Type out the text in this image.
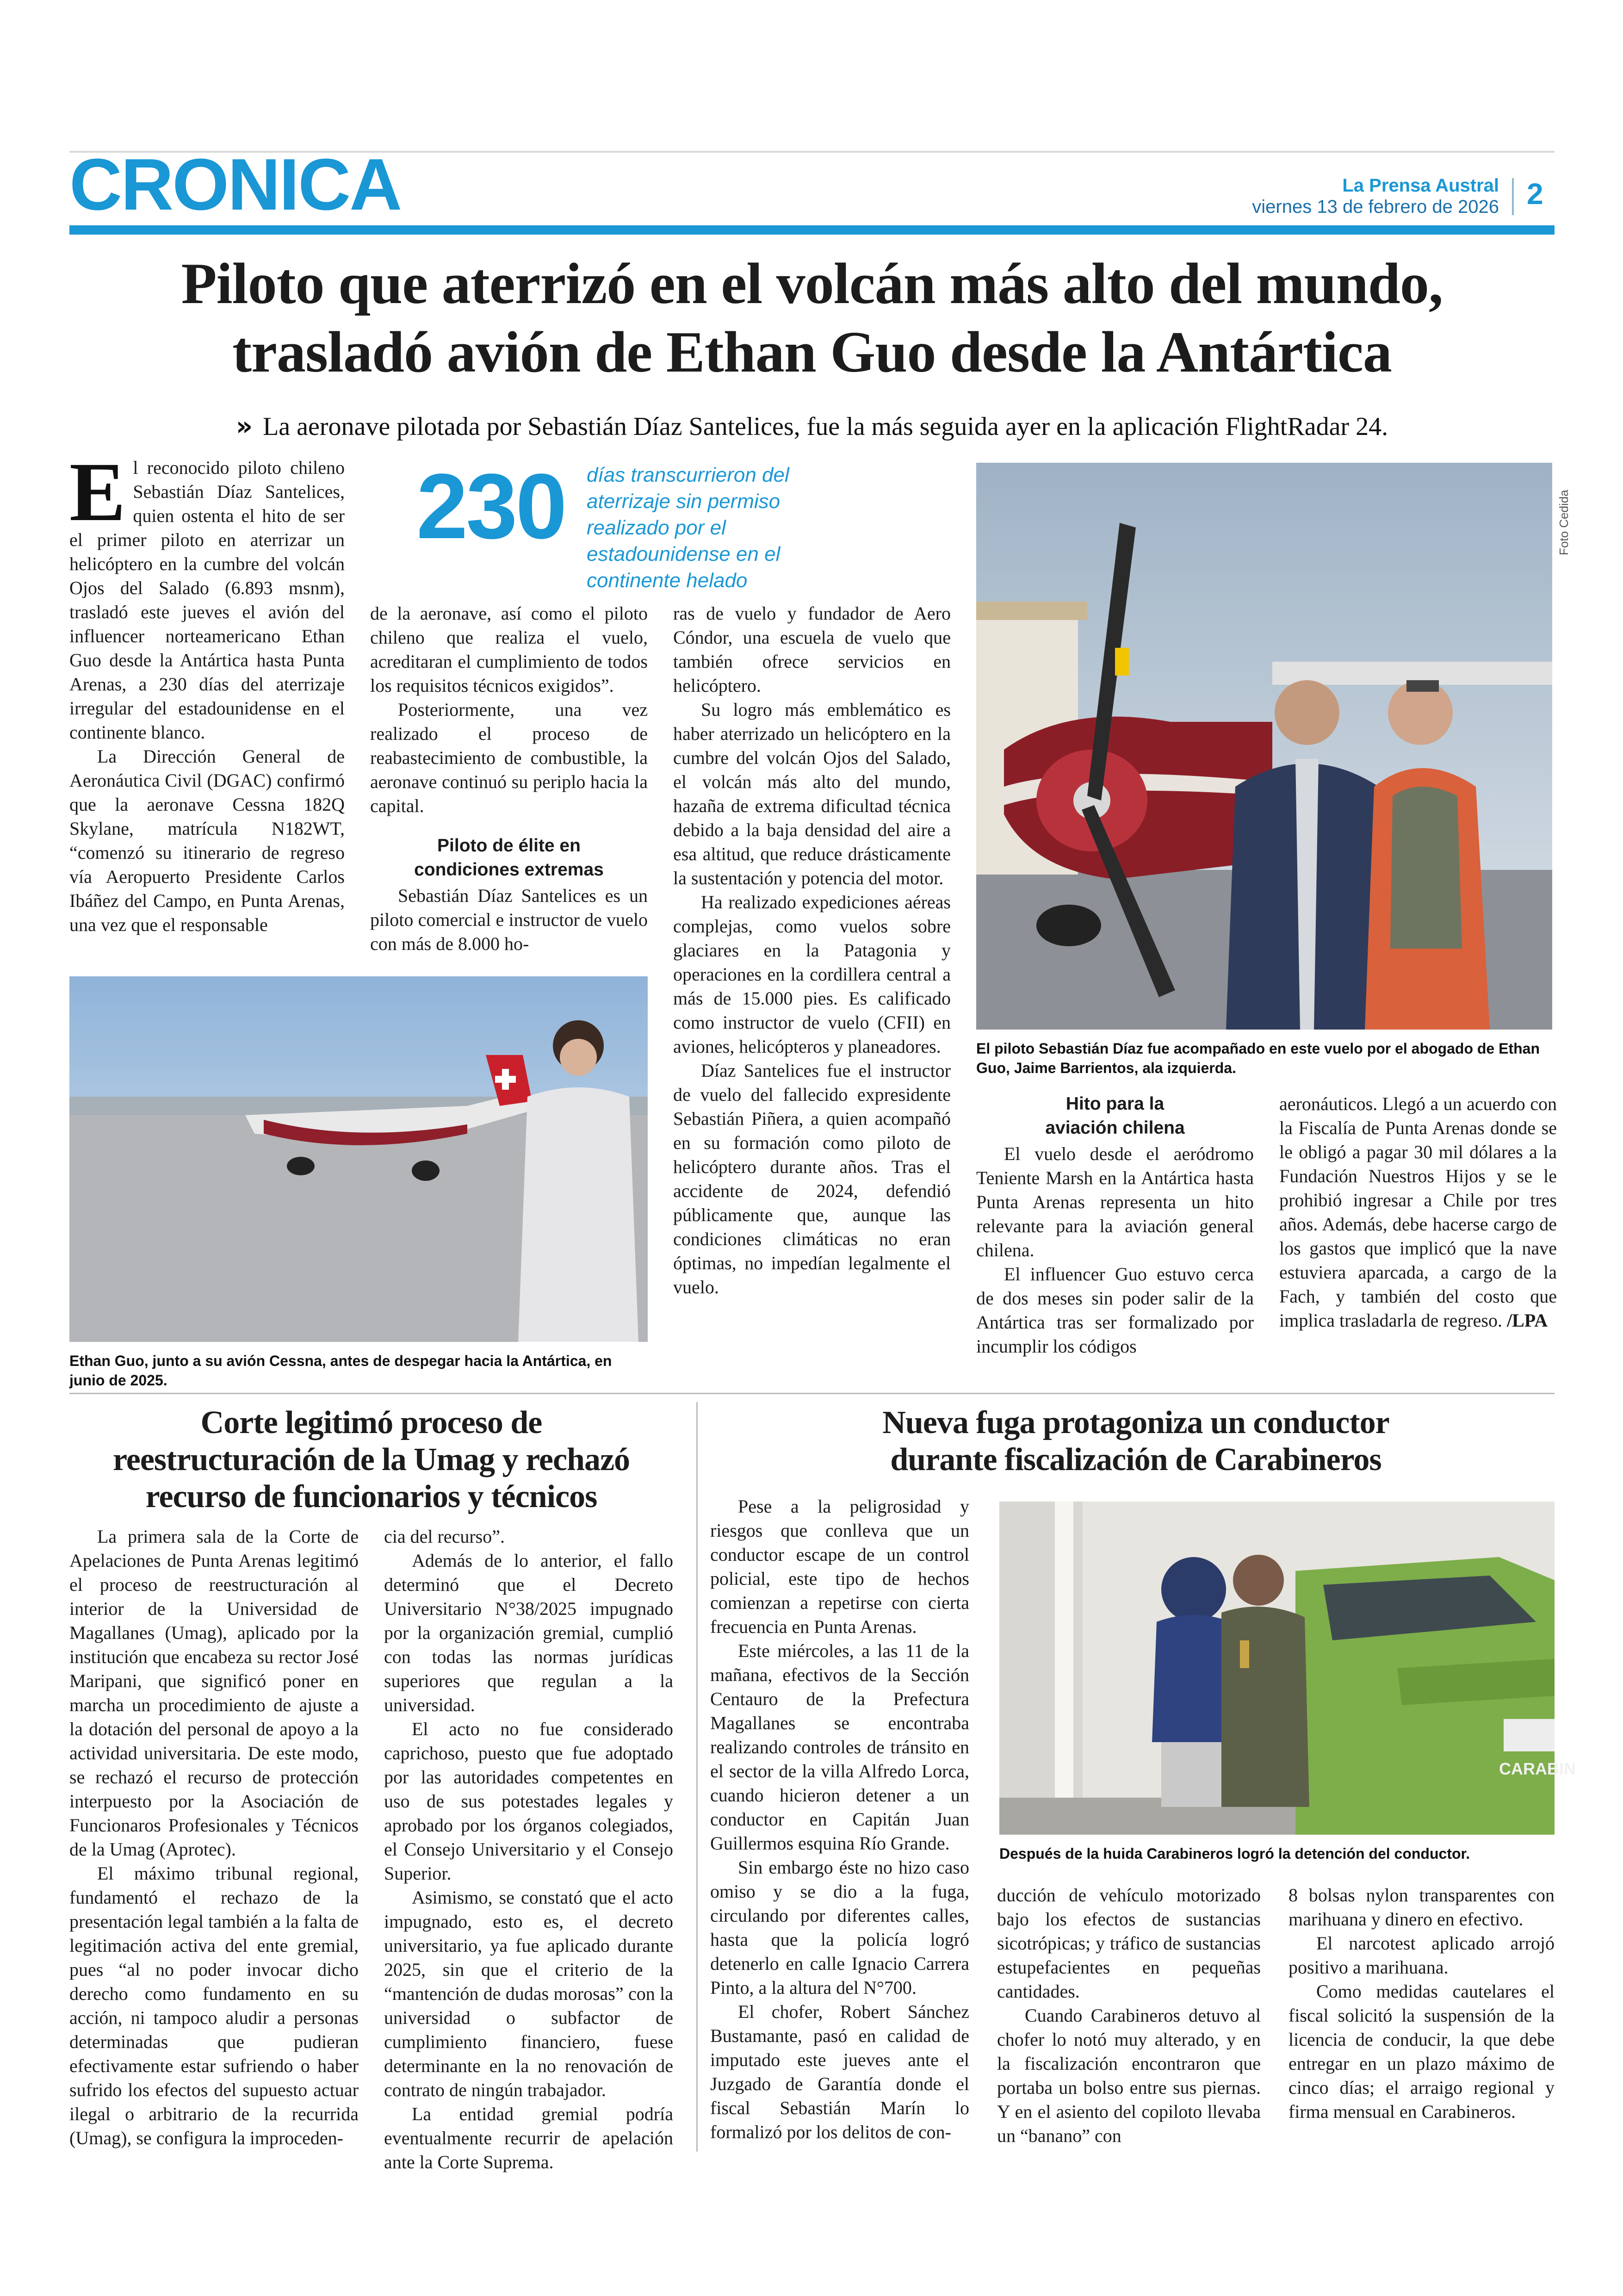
CRONICA	La Prensa Austral
viernes 13 de febrero de 2026 2
Piloto que aterrizó en el volcán más alto del mundo,
trasladó avión de Ethan Guo desde la Antártica
» La aeronave pilotada por Sebastián Díaz Santelices, fue la más seguida ayer en la aplicación FlightRadar 24.

El reconocido piloto chileno Sebastián Díaz Santelices, quien ostenta el hito de ser el primer piloto en aterrizar un helicóptero en la cumbre del volcán Ojos del Salado (6.893 msnm), trasladó este jueves el avión del influencer norteamericano Ethan Guo desde la Antártica hasta Punta Arenas, a 230 días del aterrizaje irregular del estadounidense en el continente blanco.

La Dirección General de Aeronáutica Civil (DGAC) confirmó que la aeronave Cessna 182Q Skylane, matrícula N182WT, “comenzó su itinerario de regreso vía Aeropuerto Presidente Carlos Ibáñez del Campo, en Punta Arenas, una vez que el responsable

230 días transcurrieron del aterrizaje sin permiso realizado por el estadounidense en el continente helado

de la aeronave, así como el piloto chileno que realiza el vuelo, acreditaran el cumplimiento de todos los requisitos técnicos exigidos”.

Posteriormente, una vez realizado el proceso de reabastecimiento de combustible, la aeronave continuó su periplo hacia la capital.

Piloto de élite en
condiciones extremas

Sebastián Díaz Santelices es un piloto comercial e instructor de vuelo con más de 8.000 ho-

ras de vuelo y fundador de Aero Cóndor, una escuela de vuelo que también ofrece servicios en helicóptero.

Su logro más emblemático es haber aterrizado un helicóptero en la cumbre del volcán Ojos del Salado, el volcán más alto del mundo, hazaña de extrema dificultad técnica debido a la baja densidad del aire a esa altitud, que reduce drásticamente la sustentación y potencia del motor.

Ha realizado expediciones aéreas complejas, como vuelos sobre glaciares en la Patagonia y operaciones en la cordillera central a más de 15.000 pies. Es calificado como instructor de vuelo (CFII) en aviones, helicópteros y planeadores.

Díaz Santelices fue el instructor de vuelo del fallecido expresidente Sebastián Piñera, a quien acompañó en su formación como piloto de helicóptero durante años. Tras el accidente de 2024, defendió públicamente que, aunque las condiciones climáticas no eran óptimas, no impedían legalmente el vuelo.

Foto Cedida
El piloto Sebastián Díaz fue acompañado en este vuelo por el abogado de Ethan Guo, Jaime Barrientos, ala izquierda.
Ethan Guo, junto a su avión Cessna, antes de despegar hacia la Antártica, en junio de 2025.
Hito para la
aviación chilena

El vuelo desde el aeródromo Teniente Marsh en la Antártica hasta Punta Arenas representa un hito relevante para la aviación general chilena.

El influencer Guo estuvo cerca de dos meses sin poder salir de la Antártica tras ser formalizado por incumplir los códigos

aeronáuticos. Llegó a un acuerdo con la Fiscalía de Punta Arenas donde se le obligó a pagar 30 mil dólares a la Fundación Nuestros Hijos y se le prohibió ingresar a Chile por tres años. Además, debe hacerse cargo de los gastos que implicó que la nave estuviera aparcada, a cargo de la Fach, y también del costo que implica trasladarla de regreso. /LPA

Corte legitimó proceso de
reestructuración de la Umag y rechazó
recurso de funcionarios y técnicos

La primera sala de la Corte de Apelaciones de Punta Arenas legitimó el proceso de reestructuración al interior de la Universidad de Magallanes (Umag), aplicado por la institución que encabeza su rector José Maripani, que significó poner en marcha un procedimiento de ajuste a la dotación del personal de apoyo a la actividad universitaria. De este modo, se rechazó el recurso de protección interpuesto por la Asociación de Funcionaros Profesionales y Técnicos de la Umag (Aprotec).

El máximo tribunal regional, fundamentó el rechazo de la presentación legal también a la falta de legitimación activa del ente gremial, pues “al no poder invocar dicho derecho como fundamento en su acción, ni tampoco aludir a personas determinadas que pudieran efectivamente estar sufriendo o haber sufrido los efectos del supuesto actuar ilegal o arbitrario de la recurrida (Umag), se configura la improceden-

cia del recurso”.

Además de lo anterior, el fallo determinó que el Decreto Universitario N°38/2025 impugnado por la organización gremial, cumplió con todas las normas jurídicas superiores que regulan a la universidad.

El acto no fue considerado caprichoso, puesto que fue adoptado por las autoridades competentes en uso de sus potestades legales y aprobado por los órganos colegiados, el Consejo Universitario y el Consejo Superior.

Asimismo, se constató que el acto impugnado, esto es, el decreto universitario, ya fue aplicado durante 2025, sin que el criterio de la “mantención de dudas morosas” con la universidad o subfactor de cumplimiento financiero, fuese determinante en la no renovación de contrato de ningún trabajador.

La entidad gremial podría eventualmente recurrir de apelación ante la Corte Suprema.

Nueva fuga protagoniza un conductor
durante fiscalización de Carabineros

Pese a la peligrosidad y riesgos que conlleva que un conductor escape de un control policial, este tipo de hechos comienzan a repetirse con cierta frecuencia en Punta Arenas.

Este miércoles, a las 11 de la mañana, efectivos de la Sección Centauro de la Prefectura Magallanes se encontraba realizando controles de tránsito en el sector de la villa Alfredo Lorca, cuando hicieron detener a un conductor en Capitán Juan Guillermos esquina Río Grande.

Sin embargo éste no hizo caso omiso y se dio a la fuga, circulando por diferentes calles, hasta que la policía logró detenerlo en calle Ignacio Carrera Pinto, a la altura del N°700.

El chofer, Robert Sánchez Bustamante, pasó en calidad de imputado este jueves ante el Juzgado de Garantía donde el fiscal Sebastián Marín lo formalizó por los delitos de con-

CARABIN
Después de la huida Carabineros logró la detención del conductor.

ducción de vehículo motorizado bajo los efectos de sustancias sicotrópicas; y tráfico de sustancias estupefacientes en pequeñas cantidades.

Cuando Carabineros detuvo al chofer lo notó muy alterado, y en la fiscalización encontraron que portaba un bolso entre sus piernas. Y en el asiento del copiloto llevaba un “banano” con

8 bolsas nylon transparentes con marihuana y dinero en efectivo.

El narcotest aplicado arrojó positivo a marihuana.

Como medidas cautelares el fiscal solicitó la suspensión de la licencia de conducir, la que debe entregar en un plazo máximo de cinco días; el arraigo regional y firma mensual en Carabineros.
